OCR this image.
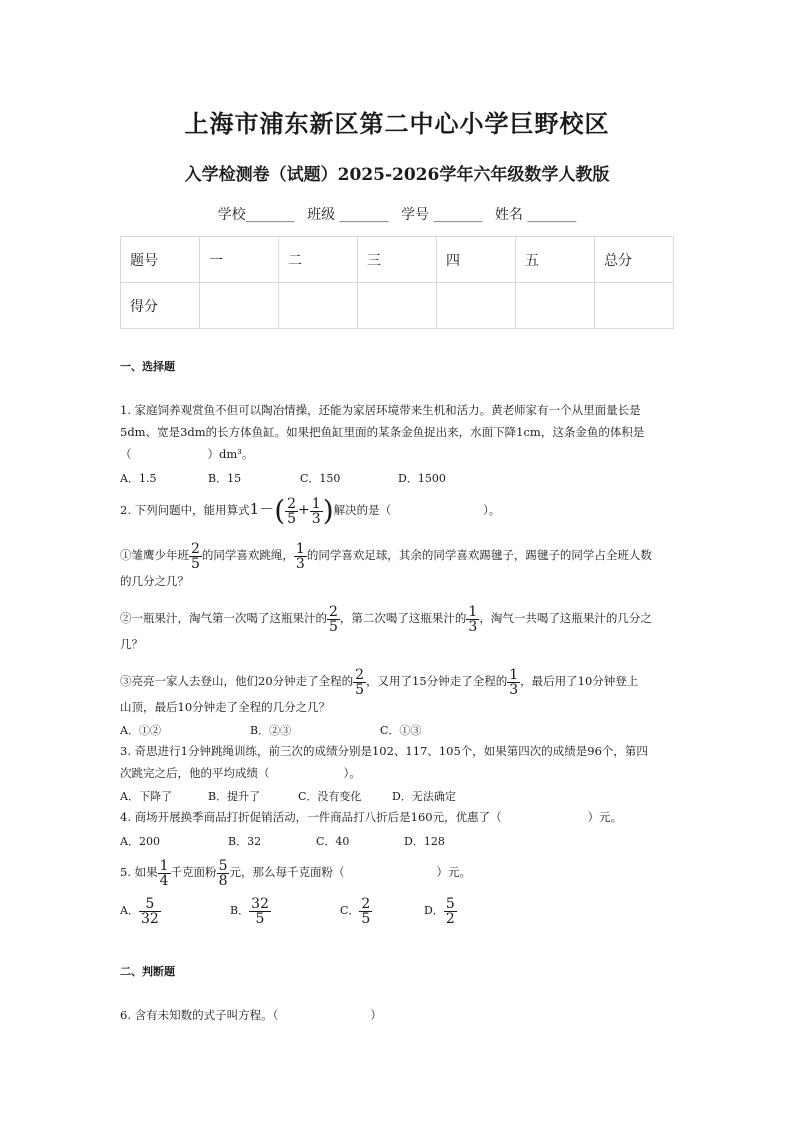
上海市浦东新区第二中心小学巨野校区
入学检测卷（试题）2025-2026学年六年级数学人教版
学校_______ 班级 _______ 学号 _______ 姓名 _______
题号	一	二	三	四	五	总分
得分						
一、选择题
1. 家庭饲养观赏鱼不但可以陶冶情操，还能为家居环境带来生机和活力。黄老师家有一个从里面量长是
5dm、宽是3dm的长方体鱼缸。如果把鱼缸里面的某条金鱼捉出来，水面下降1cm，这条金鱼的体积是
（	）dm³。
A．1.5	B．15	C．150	D．1500
2. 下列问题中，能用算式$1-( \frac{2}{5} + \frac{1}{3}$ )解决的是（	）。
①雏鹰少年班 $\frac{2}{5}$ 的同学喜欢跳绳， $\frac{1}{3}$ 的同学喜欢足球，其余的同学喜欢踢毽子，踢毽子的同学占全班人数
的几分之几？
②一瓶果汁，淘气第一次喝了这瓶果汁的 $\frac{2}{5}$ ，第二次喝了这瓶果汁的 $\frac{1}{3}$ ，淘气一共喝了这瓶果汁的几分之
几？
③亮亮一家人去登山，他们20分钟走了全程的 $\frac{2}{5}$ ，又用了15分钟走了全程的 $\frac{1}{3}$ ，最后用了10分钟登上
山顶，最后10分钟走了全程的几分之几？
A．①②	B．②③	C．①③
3. 奇思进行1分钟跳绳训练，前三次的成绩分别是102、117、105个，如果第四次的成绩是96个，第四
次跳完之后，他的平均成绩（	）。
A．下降了	B．提升了	C．没有变化	D．无法确定
4. 商场开展换季商品打折促销活动，一件商品打八折后是160元，优惠了（	）元。
A．200	B．32	C．40	D．128
5. 如果 $\frac{1}{4}$ 千克面粉 $\frac{5}{8}$ 元，那么每千克面粉（	）元。
A． $\frac{5}{32}$	B． $\frac{32}{5}$	C． $\frac{2}{5}$	D． $\frac{5}{2}$
二、判断题
6. 含有未知数的式子叫方程。（	）
